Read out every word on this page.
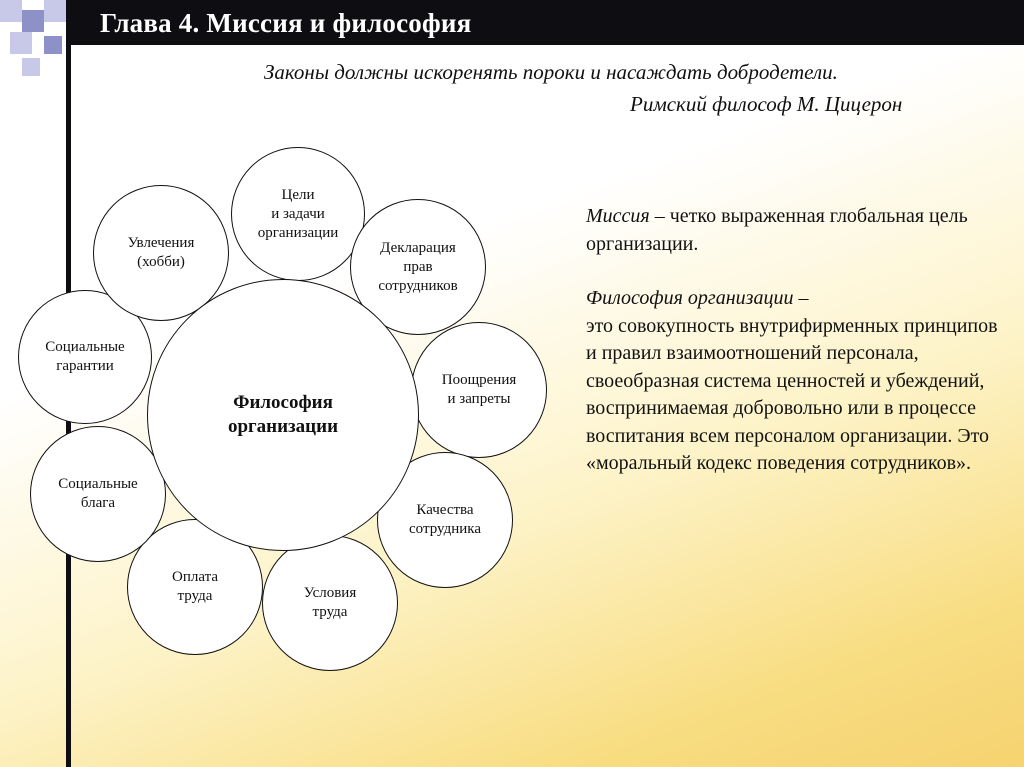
Глава 4. Миссия и философия
Законы должны искоренять пороки и насаждать добродетели.
Римский философ М. Цицерон
Цели
и задачи
организации
Декларация
прав
сотрудников
Поощрения
и запреты
Качества
сотрудника
Условия
труда
Оплата
труда
Социальные
блага
Социальные
гарантии
Увлечения
(хобби)
Философия
организации

Миссия – четко выраженная глобальная цель организации.

Философия организации –

это совокупность внутрифирменных принципов и правил взаимоотношений персонала, своеобразная система ценностей и убеждений, воспринимаемая добровольно или в процессе воспитания всем персоналом организации. Это «моральный кодекс поведения сотрудников».
